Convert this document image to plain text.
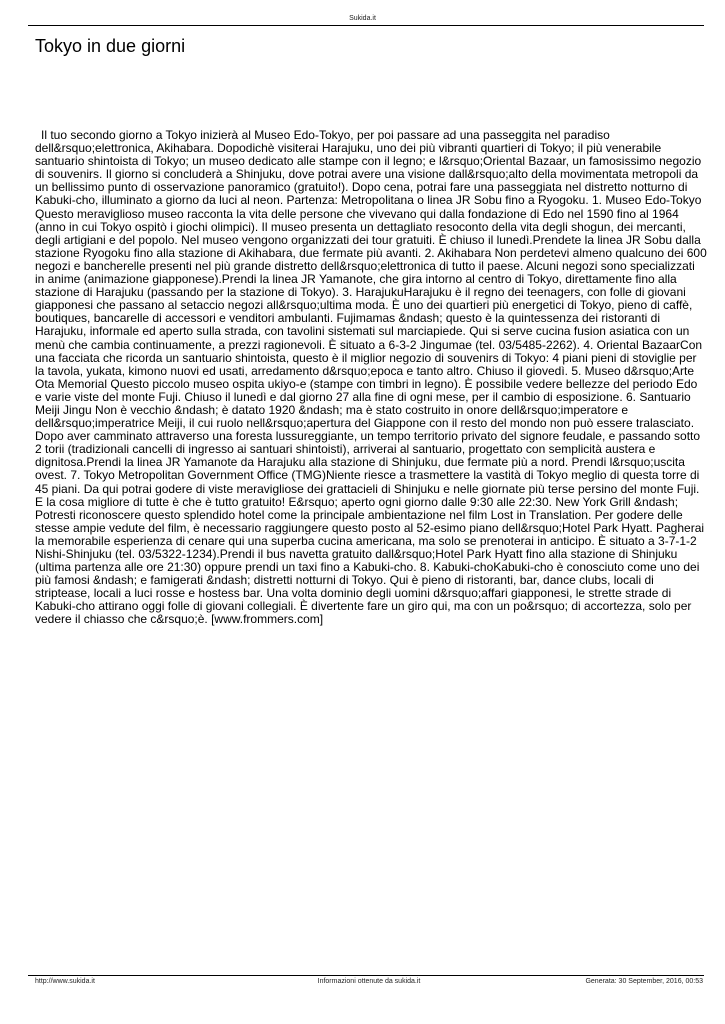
Sukida.it
Tokyo in due giorni

Il tuo secondo giorno a Tokyo inizierà al Museo Edo-Tokyo, per poi passare ad una passeggita nel paradiso dell&rsquo;elettronica, Akihabara. Dopodichè visiterai Harajuku, uno dei più vibranti quartieri di Tokyo; il più venerabile santuario shintoista di Tokyo; un museo dedicato alle stampe con il legno; e l&rsquo;Oriental Bazaar, un famosissimo negozio di souvenirs. Il giorno si concluderà a Shinjuku, dove potrai avere una visione dall&rsquo;alto della movimentata metropoli da un bellissimo punto di osservazione panoramico (gratuito!). Dopo cena, potrai fare una passeggiata nel distretto notturno di Kabuki-cho, illuminato a giorno da luci al neon. Partenza: Metropolitana o linea JR Sobu fino a Ryogoku. 1. Museo Edo-Tokyo Questo meraviglioso museo racconta la vita delle persone che vivevano qui dalla fondazione di Edo nel 1590 fino al 1964 (anno in cui Tokyo ospitò i giochi olimpici). Il museo presenta un dettagliato resoconto della vita degli shogun, dei mercanti, degli artigiani e del popolo. Nel museo vengono organizzati dei tour gratuiti. È chiuso il lunedì.Prendete la linea JR Sobu dalla stazione Ryogoku fino alla stazione di Akihabara, due fermate più avanti. 2. Akihabara Non perdetevi almeno qualcuno dei 600 negozi e bancherelle presenti nel più grande distretto dell&rsquo;elettronica di tutto il paese. Alcuni negozi sono specializzati in anime (animazione giapponese).Prendi la linea JR Yamanote, che gira intorno al centro di Tokyo, direttamente fino alla stazione di Harajuku (passando per la stazione di Tokyo). 3. HarajukuHarajuku è il regno dei teenagers, con folle di giovani giapponesi che passano al setaccio negozi all&rsquo;ultima moda. È uno dei quartieri più energetici di Tokyo, pieno di caffè, boutiques, bancarelle di accessori e venditori ambulanti. Fujimamas &ndash; questo è la quintessenza dei ristoranti di Harajuku, informale ed aperto sulla strada, con tavolini sistemati sul marciapiede. Qui si serve cucina fusion asiatica con un menù che cambia continuamente, a prezzi ragionevoli. È situato a 6-3-2 Jingumae (tel. 03/5485-2262). 4. Oriental BazaarCon una facciata che ricorda un santuario shintoista, questo è il miglior negozio di souvenirs di Tokyo: 4 piani pieni di stoviglie per la tavola, yukata, kimono nuovi ed usati, arredamento d&rsquo;epoca e tanto altro. Chiuso il giovedì. 5. Museo d&rsquo;Arte Ota Memorial Questo piccolo museo ospita ukiyo-e (stampe con timbri in legno). È possibile vedere bellezze del periodo Edo e varie viste del monte Fuji. Chiuso il lunedì e dal giorno 27 alla fine di ogni mese, per il cambio di esposizione. 6. Santuario Meiji Jingu Non è vecchio &ndash; è datato 1920 &ndash; ma è stato costruito in onore dell&rsquo;imperatore e dell&rsquo;imperatrice Meiji, il cui ruolo nell&rsquo;apertura del Giappone con il resto del mondo non può essere tralasciato. Dopo aver camminato attraverso una foresta lussureggiante, un tempo territorio privato del signore feudale, e passando sotto 2 torii (tradizionali cancelli di ingresso ai santuari shintoisti), arriverai al santuario, progettato con semplicità austera e dignitosa.Prendi la linea JR Yamanote da Harajuku alla stazione di Shinjuku, due fermate più a nord. Prendi l&rsquo;uscita ovest. 7. Tokyo Metropolitan Government Office (TMG)Niente riesce a trasmettere la vastità di Tokyo meglio di questa torre di 45 piani. Da qui potrai godere di viste meravigliose dei grattacieli di Shinjuku e nelle giornate più terse persino del monte Fuji. E la cosa migliore di tutte è che è tutto gratuito! E&rsquo; aperto ogni giorno dalle 9:30 alle 22:30. New York Grill &ndash; Potresti riconoscere questo splendido hotel come la principale ambientazione nel film Lost in Translation. Per godere delle stesse ampie vedute del film, è necessario raggiungere questo posto al 52-esimo piano dell&rsquo;Hotel Park Hyatt. Pagherai la memorabile esperienza di cenare qui una superba cucina americana, ma solo se prenoterai in anticipo. È situato a 3-7-1-2 Nishi-Shinjuku (tel. 03/5322-1234).Prendi il bus navetta gratuito dall&rsquo;Hotel Park Hyatt fino alla stazione di Shinjuku (ultima partenza alle ore 21:30) oppure prendi un taxi fino a Kabuki-cho. 8. Kabuki-choKabuki-cho è conosciuto come uno dei più famosi &ndash; e famigerati &ndash; distretti notturni di Tokyo. Qui è pieno di ristoranti, bar, dance clubs, locali di striptease, locali a luci rosse e hostess bar. Una volta dominio degli uomini d&rsquo;affari giapponesi, le strette strade di Kabuki-cho attirano oggi folle di giovani collegiali. È divertente fare un giro qui, ma con un po&rsquo; di accortezza, solo per vedere il chiasso che c&rsquo;è. [www.frommers.com]

http://www.sukida.it	Informazioni ottenute da sukida.it	Generata: 30 September, 2016, 00:53
